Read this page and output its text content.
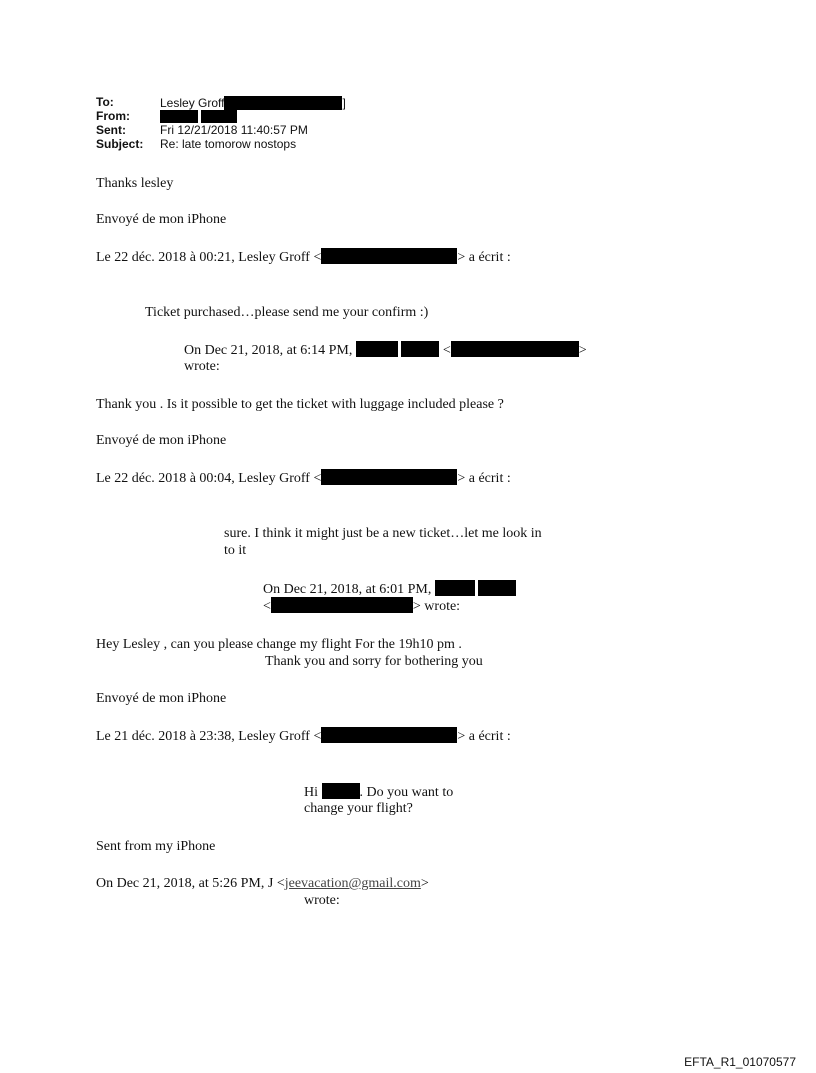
To:	Lesley Groff	]
From:

Sent:	Fri 12/21/2018 11:40:57 PM
Subject: Re: late tomorow nostops
Thanks lesley
Envoyé de mon iPhone
Le 22 déc. 2018 à 00:21, Lesley Groff <	> a écrit :
Ticket purchased…please send me your confirm :)
On Dec 21, 2018, at 6:14 PM,	<	>
wrote:
Thank you . Is it possible to get the ticket with luggage included please ?
Envoyé de mon iPhone
Le 22 déc. 2018 à 00:04, Lesley Groff <	> a écrit :
sure. I think it might just be a new ticket…let me look in
to it
On Dec 21, 2018, at 6:01 PM,
<	> wrote:
Hey Lesley , can you please change my flight For the 19h10 pm .
Thank you and sorry for bothering you
Envoyé de mon iPhone
Le 21 déc. 2018 à 23:38, Lesley Groff <	> a écrit :
Hi	. Do you want to
change your flight?
Sent from my iPhone
On Dec 21, 2018, at 5:26 PM, J <jeevacation@gmail.com>
wrote:
EFTA_R1_01070577
